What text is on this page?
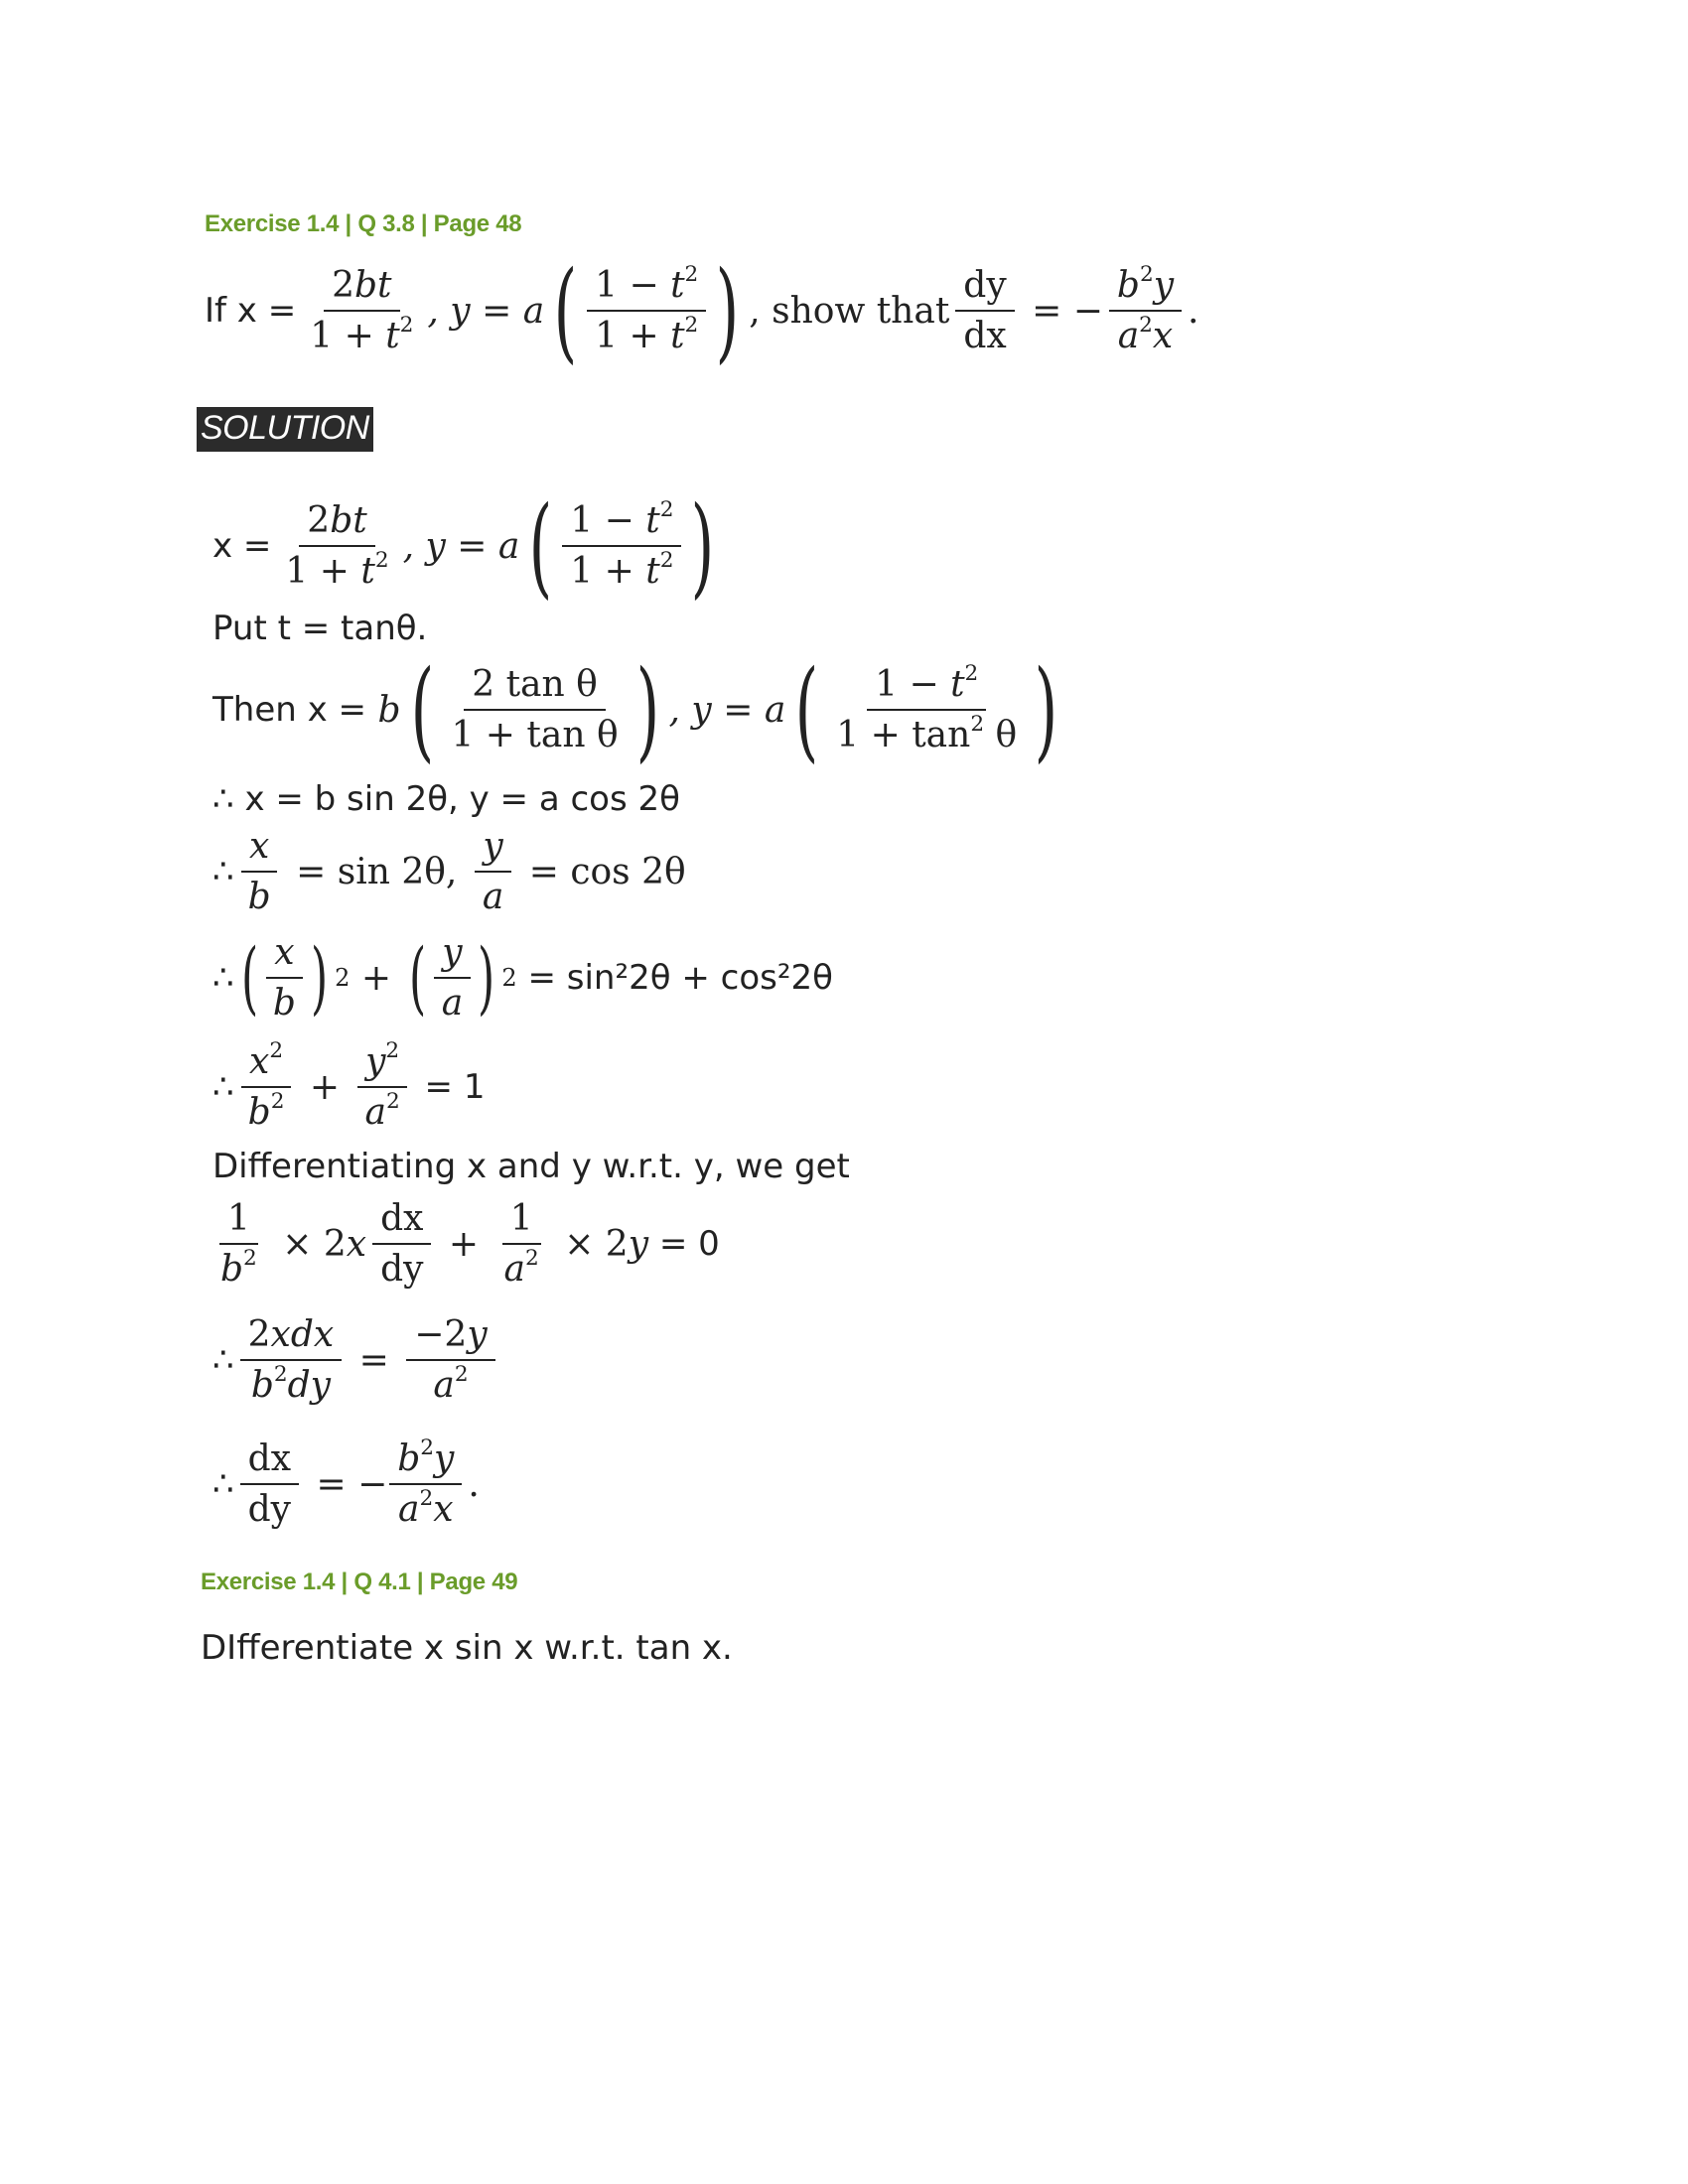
Exercise 1.4 | Q 3.8 | Page 48
If $x = \frac{2bt}{1 + t^2}$ , y = a ( $\frac{1 - t^2}{1 + t^2}$ ) , show that $\frac{dy}{dx}$ = − $\frac{b^2y}{a^2x}$ .
SOLUTION
$x = \frac{2bt}{1 + t^2}$ , y = a ( $\frac{1 - t^2}{1 + t^2}$ )
Put t = tanθ.
Then x = b ( $\frac{\text{2 tan θ}}{\text{1 + tan θ}}$ ) , y = a ( $\frac{1 - t^2}{1 + \tan^2 \theta}$ )
∴ x = b sin 2θ, y = a cos 2θ
∴ $\frac{x}{b} = \sin 2\theta$, $\frac{y}{a} = \cos 2\theta$
∴ ( $\frac{x}{b}$ ) 2 + ( $\frac{y}{a}$ ) 2
= sin²2θ + cos²2θ
∴ $\frac{x^2}{b^2} + \frac{y^2}{a^2}$
= 1
Differentiating x and y w.r.t. y, we get
$\frac{1}{b^2} \times 2$ x $\frac{dx}{dy} + \frac{1}{a^2} \times 2$ y
= 0
∴ $\frac{\text{2xdx}}{b^2dy} = \frac{-2y}{a^2}$
∴ $\frac{dx}{dy}$ = − $\frac{b^2y}{a^2x}$ .
Exercise 1.4 | Q 4.1 | Page 49
DIfferentiate x sin x w.r.t. tan x.
